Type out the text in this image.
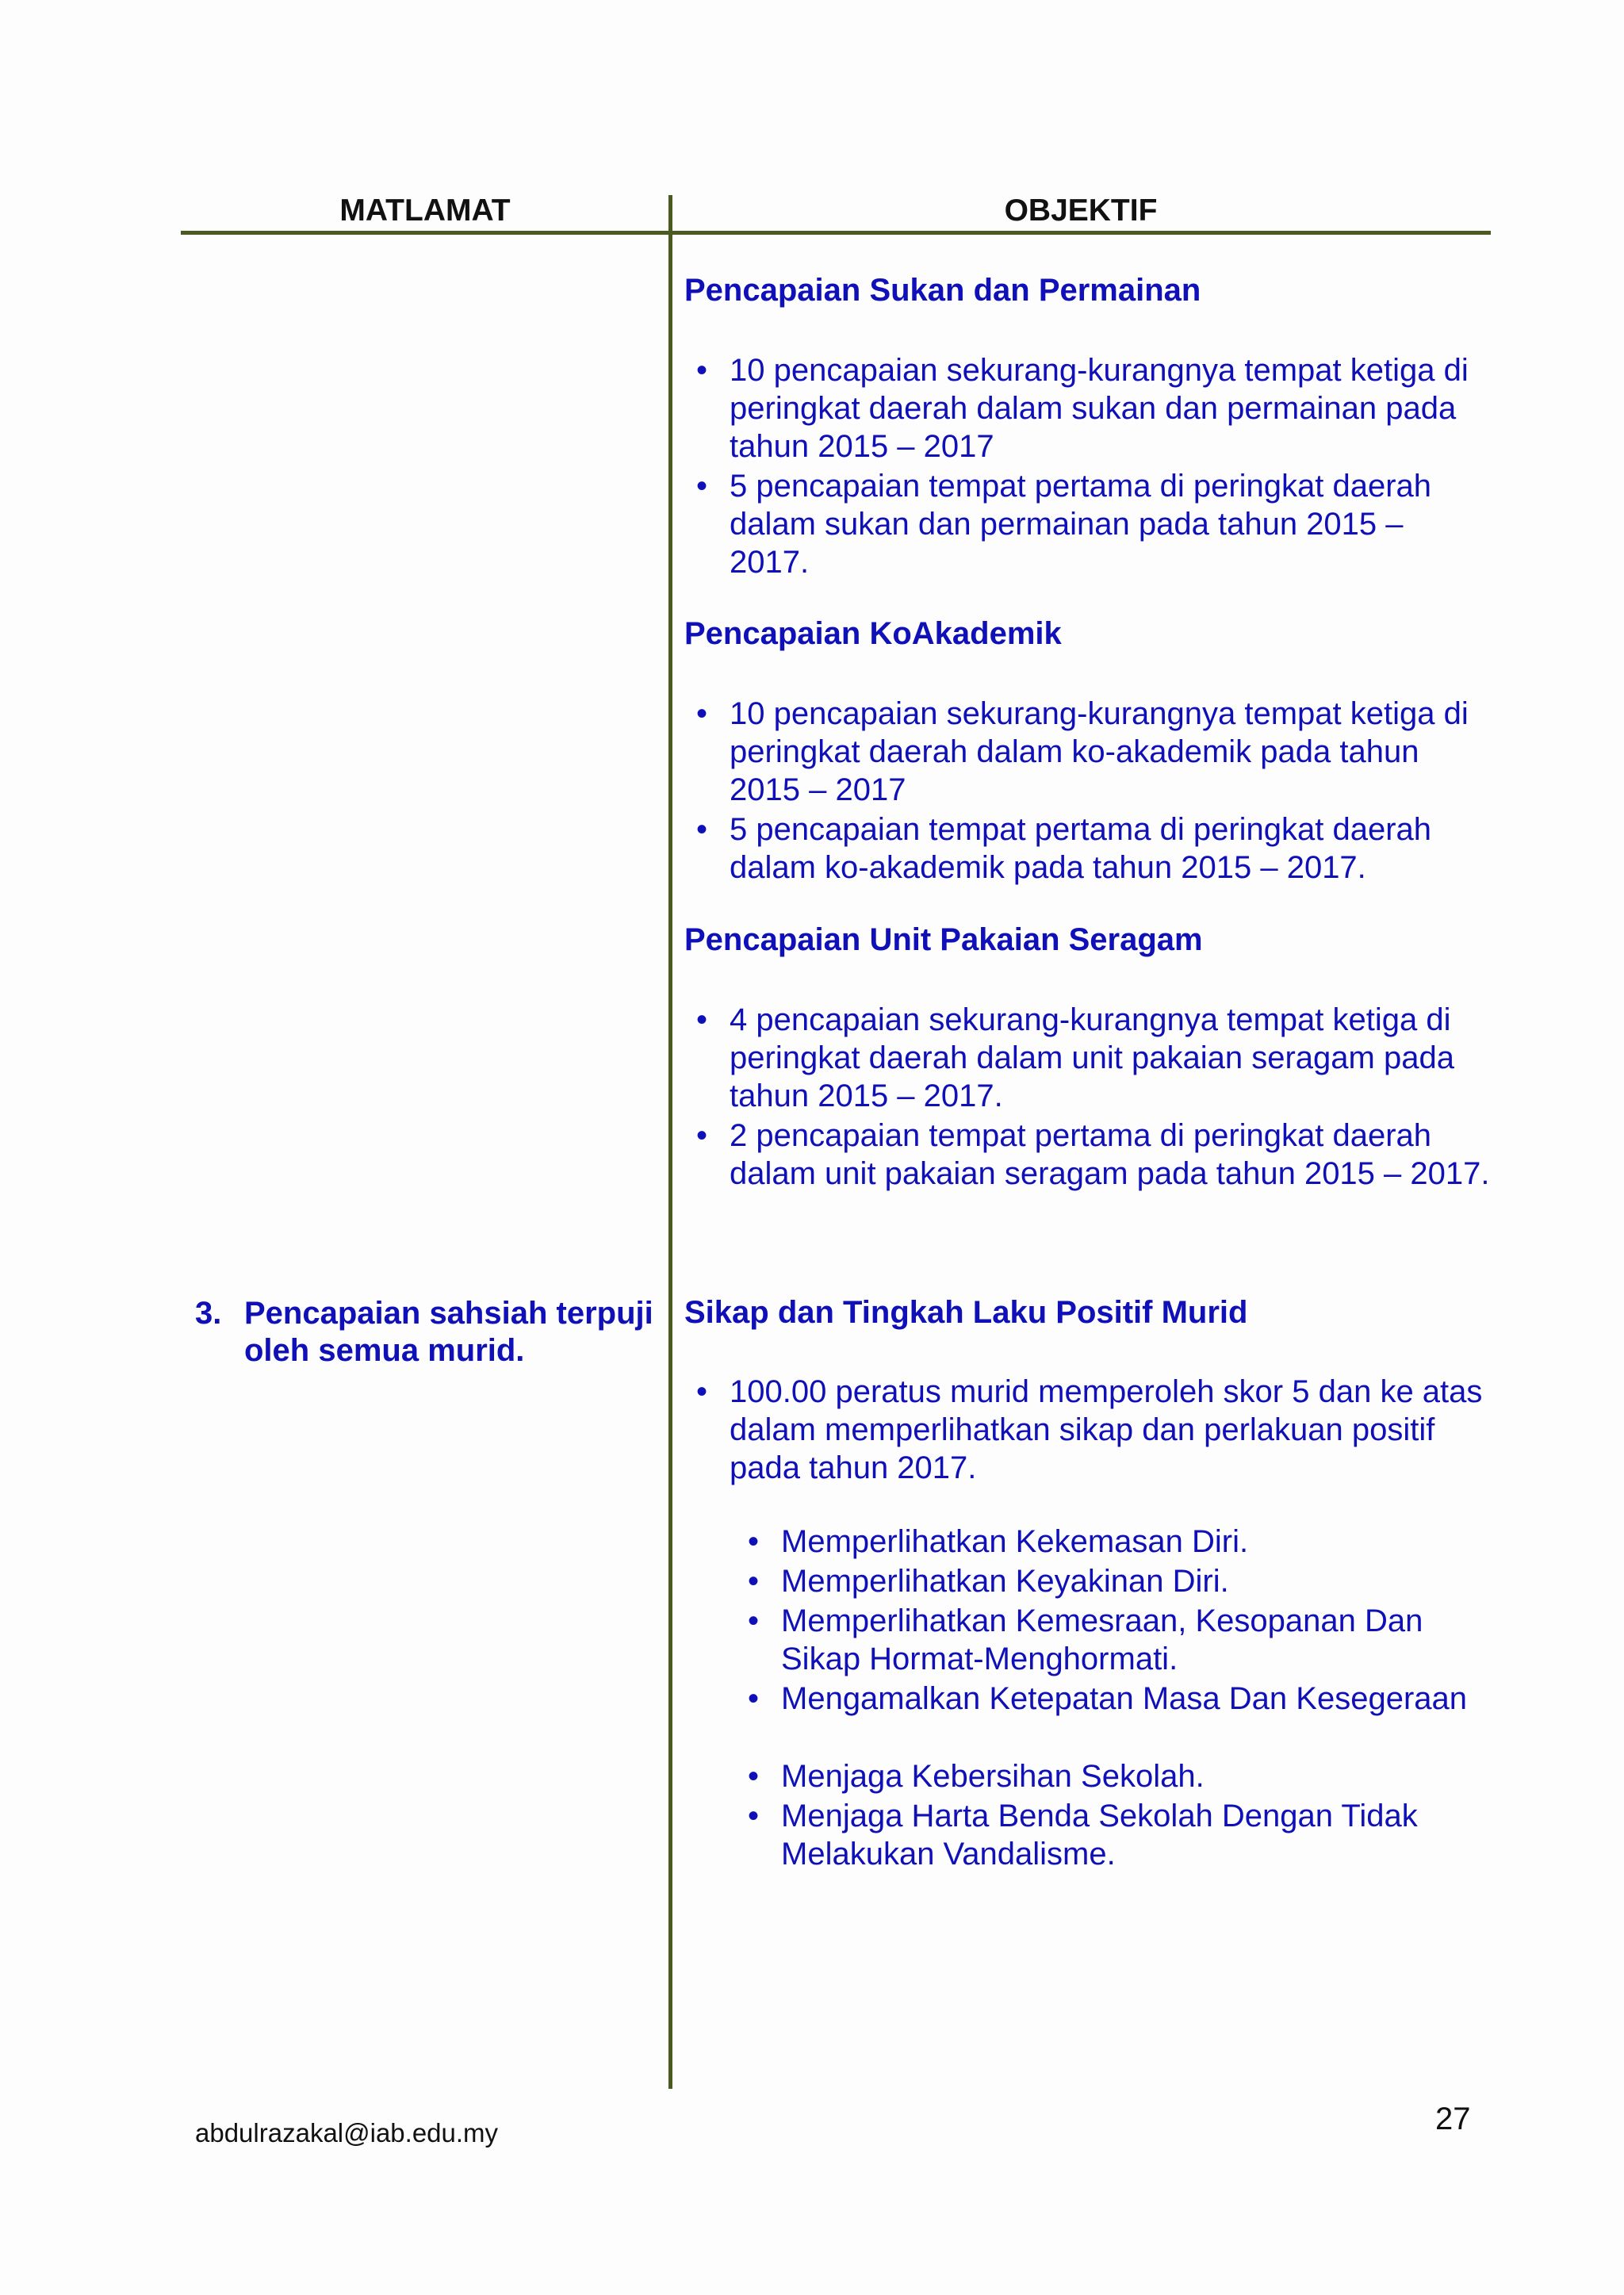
MATLAMAT	OBJEKTIF
Pencapaian Sukan dan Permainan
• 10 pencapaian sekurang-kurangnya tempat ketiga di peringkat daerah dalam sukan dan permainan pada tahun 2015 – 2017
• 5 pencapaian tempat pertama di peringkat daerah dalam sukan dan permainan pada tahun 2015 – 2017.
Pencapaian KoAkademik
• 10 pencapaian sekurang-kurangnya tempat ketiga di peringkat daerah dalam ko-akademik pada tahun 2015 – 2017
• 5 pencapaian tempat pertama di peringkat daerah dalam ko-akademik pada tahun 2015 – 2017.
Pencapaian Unit Pakaian Seragam
• 4 pencapaian sekurang-kurangnya tempat ketiga di peringkat daerah dalam unit pakaian seragam pada tahun 2015 – 2017.
• 2 pencapaian tempat pertama di peringkat daerah dalam unit pakaian seragam pada tahun 2015 – 2017.
3. Pencapaian sahsiah terpuji oleh semua murid.
Sikap dan Tingkah Laku Positif Murid
• 100.00 peratus murid memperoleh skor 5 dan ke atas dalam memperlihatkan sikap dan perlakuan positif pada tahun 2017.
• Memperlihatkan Kekemasan Diri.
• Memperlihatkan Keyakinan Diri.
• Memperlihatkan Kemesraan, Kesopanan Dan Sikap Hormat-Menghormati.
• Mengamalkan Ketepatan Masa Dan Kesegeraan
• Menjaga Kebersihan Sekolah.
• Menjaga Harta Benda Sekolah Dengan Tidak Melakukan Vandalisme.
abdulrazakal@iab.edu.my	27
